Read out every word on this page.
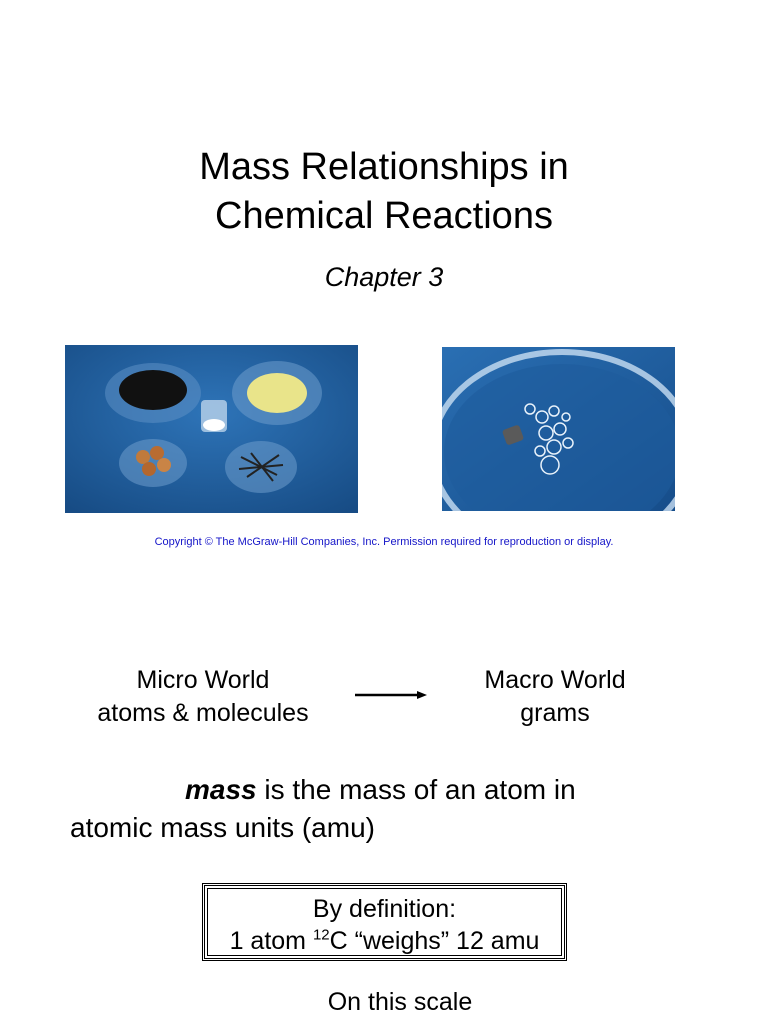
Mass Relationships in
Chemical Reactions
Chapter 3
Copyright © The McGraw-Hill Companies, Inc. Permission required for reproduction or display.
Micro World
atoms & molecules
Macro World
grams
mass is the mass of an atom in
atomic mass units (amu)
By definition:
1 atom $^{12}$C “weighs” 12 amu
On this scale
